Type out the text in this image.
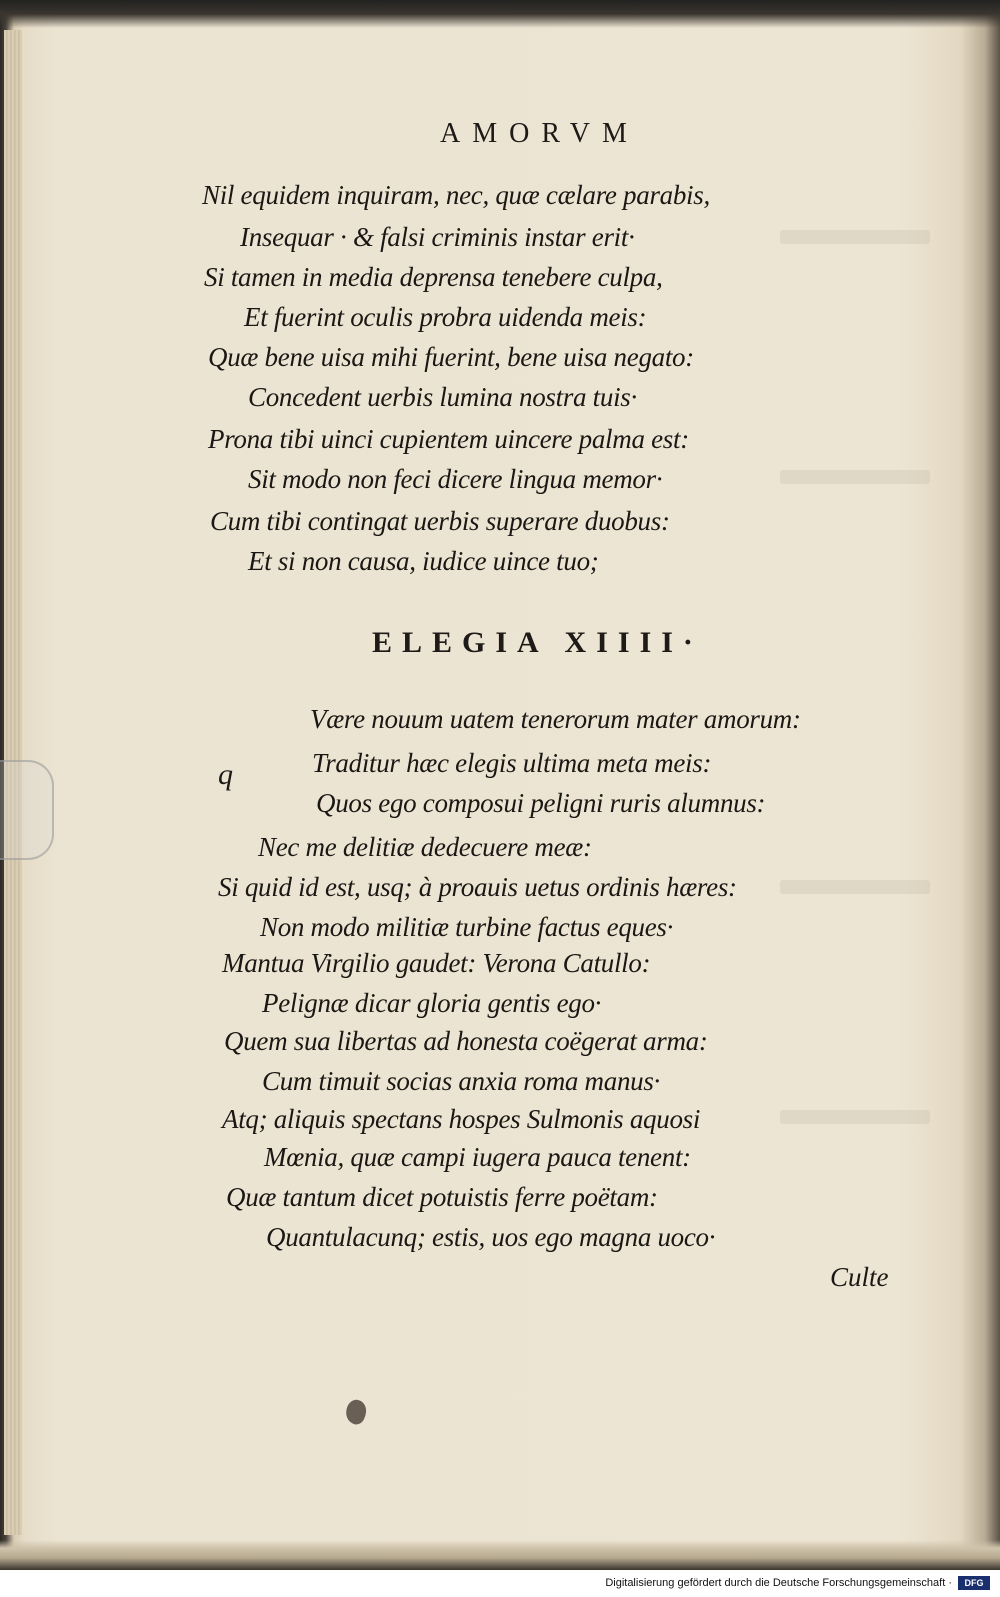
AMORVM
Nil equidem inquiram, nec, quæ cælare parabis,
Insequar · & falsi criminis instar erit·
Si tamen in media deprensa tenebere culpa,
Et fuerint oculis probra uidenda meis:
Quæ bene uisa mihi fuerint, bene uisa negato:
Concedent uerbis lumina nostra tuis·
Prona tibi uinci cupientem uincere palma est:
Sit modo non feci dicere lingua memor·
Cum tibi contingat uerbis superare duobus:
Et si non causa, iudice uince tuo;
ELEGIA XIIII·
q
Være nouum uatem tenerorum mater amorum:
Traditur hæc elegis ultima meta meis:
Quos ego composui peligni ruris alumnus:
Nec me delitiæ dedecuere meæ:
Si quid id est, usq; à proauis uetus ordinis hæres:
Non modo militiæ turbine factus eques·
Mantua Virgilio gaudet: Verona Catullo:
Pelignæ dicar gloria gentis ego·
Quem sua libertas ad honesta coëgerat arma:
Cum timuit socias anxia roma manus·
Atq; aliquis spectans hospes Sulmonis aquosi
Mœnia, quæ campi iugera pauca tenent:
Quæ tantum dicet potuistis ferre poëtam:
Quantulacunq; estis, uos ego magna uoco·
Culte
Digitalisierung gefördert durch die Deutsche Forschungsgemeinschaft ·	DFG
